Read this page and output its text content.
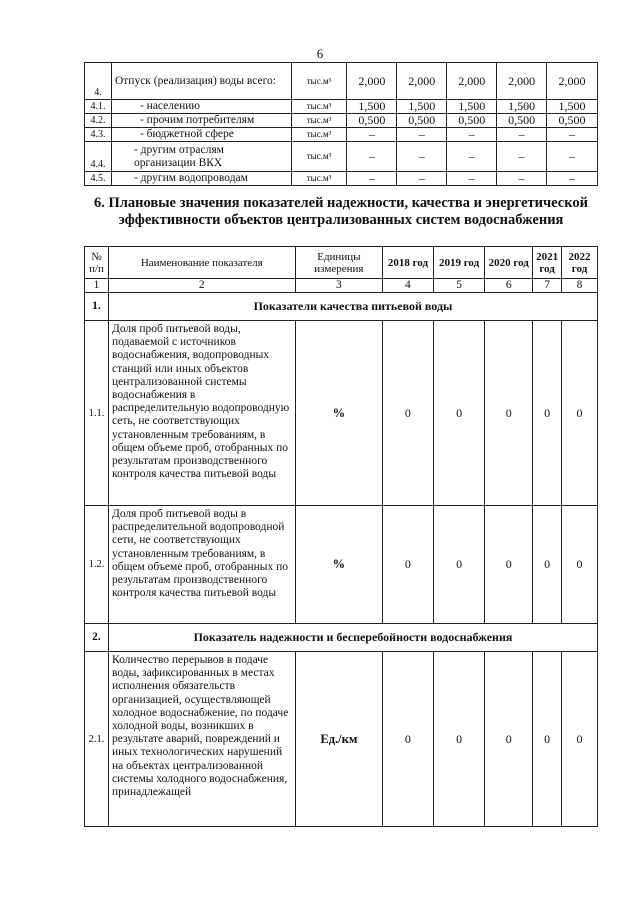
6
4.	Отпуск (реализация) воды всего:	тыс.м³	2,000	2,000	2,000	2,000	2,000
4.1.	- населению	тыс.м³	1,500	1,500	1,500	1,500	1,500
4.2.	- прочим потребителям	тыс.м³	0,500	0,500	0,500	0,500	0,500
4.3.	- бюджетной сфере	тыс.м³	–	–	–	–	–
4.4.	- другим отраслям организации ВКХ	тыс.м³	–	–	–	–	–
4.5.	- другим водопроводам	тыс.м³	–	–	–	–	–
6. Плановые значения показателей надежности, качества и энергетической эффективности объектов централизованных систем водоснабжения
№ п/п	Наименование показателя	Единицы измерения	2018 год	2019 год	2020 год	2021 год	2022 год
1	2	3	4	5	6	7	8
1.	Показатели качества питьевой воды						
1.1.	Доля проб питьевой воды, подаваемой с источников водоснабжения, водопроводных станций или иных объектов централизованной системы водоснабжения в распределительную водопроводную сеть, не соответствующих установленным требованиям, в общем объеме проб, отобранных по результатам производственного контроля качества питьевой воды	%	0	0	0	0	0
1.2.	Доля проб питьевой воды в распределительной водопроводной сети, не соответствующих установленным требованиям, в общем объеме проб, отобранных по результатам производственного контроля качества питьевой воды	%	0	0	0	0	0
2.	Показатель надежности и бесперебойности водоснабжения						
2.1.	Количество перерывов в подаче воды, зафиксированных в местах исполнения обязательств организацией, осуществляющей холодное водоснабжение, по подаче холодной воды, возникших в результате аварий, повреждений и иных технологических нарушений на объектах централизованной системы холодного водоснабжения, принадлежащей	Ед./км	0	0	0	0	0
